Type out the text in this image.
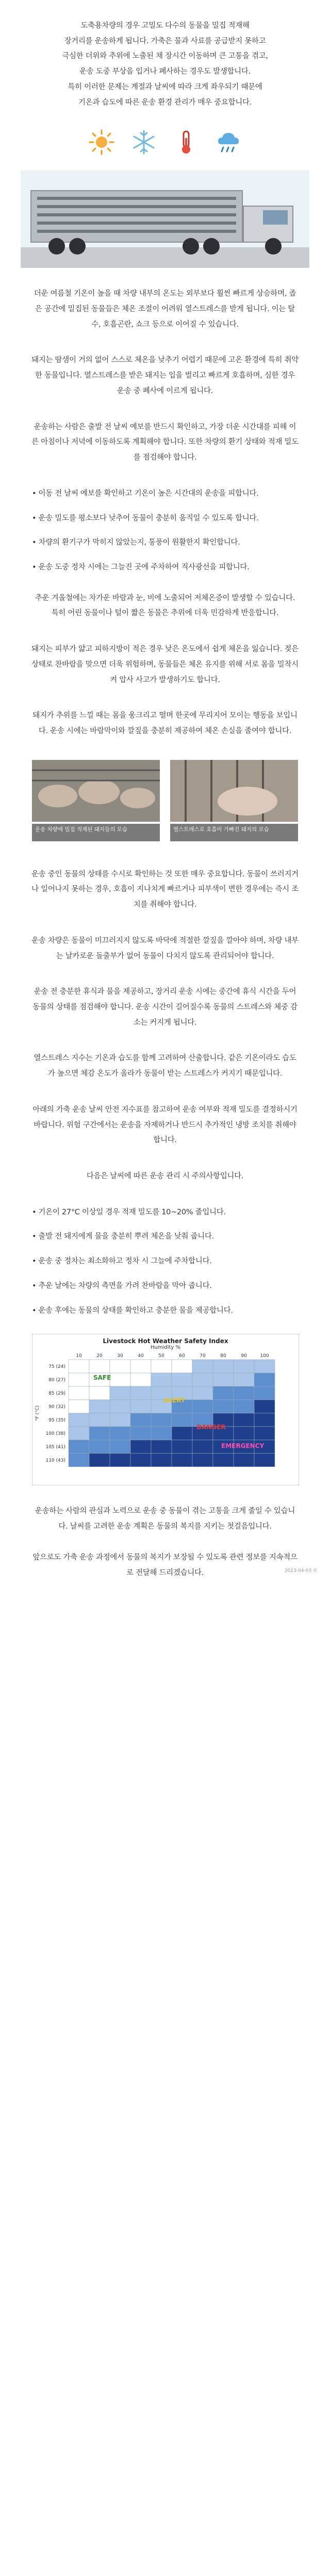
도축용차량의 경우 고밀도 다수의 동물을 밀집 적재해

장거리를 운송하게 됩니다. 가축은 물과 사료를 공급받지 못하고

극심한 더위와 추위에 노출된 채 장시간 이동하며 큰 고통을 겪고,

운송 도중 부상을 입거나 폐사하는 경우도 발생합니다.

특히 이러한 문제는 계절과 날씨에 따라 크게 좌우되기 때문에

기온과 습도에 따른 운송 환경 관리가 매우 중요합니다.

더운 여름철 기온이 높을 때 차량 내부의 온도는 외부보다 훨씬 빠르게 상승하며, 좁은 공간에 밀집된 동물들은 체온 조절이 어려워 열스트레스를 받게 됩니다. 이는 탈수, 호흡곤란, 쇼크 등으로 이어질 수 있습니다.

돼지는 땀샘이 거의 없어 스스로 체온을 낮추기 어렵기 때문에 고온 환경에 특히 취약한 동물입니다. 열스트레스를 받은 돼지는 입을 벌리고 빠르게 호흡하며, 심한 경우 운송 중 폐사에 이르게 됩니다.

운송하는 사람은 출발 전 날씨 예보를 반드시 확인하고, 가장 더운 시간대를 피해 이른 아침이나 저녁에 이동하도록 계획해야 합니다. 또한 차량의 환기 상태와 적재 밀도를 점검해야 합니다.

• 이동 전 날씨 예보를 확인하고 기온이 높은 시간대의 운송을 피합니다.

• 운송 밀도를 평소보다 낮추어 동물이 충분히 움직일 수 있도록 합니다.

• 차량의 환기구가 막히지 않았는지, 통풍이 원활한지 확인합니다.

• 운송 도중 정차 시에는 그늘진 곳에 주차하여 직사광선을 피합니다.

추운 겨울철에는 차가운 바람과 눈, 비에 노출되어 저체온증이 발생할 수 있습니다. 특히 어린 동물이나 털이 짧은 동물은 추위에 더욱 민감하게 반응합니다.

돼지는 피부가 얇고 피하지방이 적은 경우 낮은 온도에서 쉽게 체온을 잃습니다. 젖은 상태로 찬바람을 맞으면 더욱 위험하며, 동물들은 체온 유지를 위해 서로 몸을 밀착시켜 압사 사고가 발생하기도 합니다.

돼지가 추위를 느낄 때는 몸을 웅크리고 떨며 한곳에 무리지어 모이는 행동을 보입니다. 운송 시에는 바람막이와 깔짚을 충분히 제공하여 체온 손실을 줄여야 합니다.

운송 차량에 밀집 적재된 돼지들의 모습	열스트레스로 호흡이 가빠진 돼지의 모습

운송 중인 동물의 상태를 수시로 확인하는 것 또한 매우 중요합니다. 동물이 쓰러지거나 일어나지 못하는 경우, 호흡이 지나치게 빠르거나 피부색이 변한 경우에는 즉시 조치를 취해야 합니다.

운송 차량은 동물이 미끄러지지 않도록 바닥에 적절한 깔짚을 깔아야 하며, 차량 내부는 날카로운 돌출부가 없어 동물이 다치지 않도록 관리되어야 합니다.

운송 전 충분한 휴식과 물을 제공하고, 장거리 운송 시에는 중간에 휴식 시간을 두어 동물의 상태를 점검해야 합니다. 운송 시간이 길어질수록 동물의 스트레스와 체중 감소는 커지게 됩니다.

열스트레스 지수는 기온과 습도를 함께 고려하여 산출합니다. 같은 기온이라도 습도가 높으면 체감 온도가 올라가 동물이 받는 스트레스가 커지기 때문입니다.

아래의 가축 운송 날씨 안전 지수표를 참고하여 운송 여부와 적재 밀도를 결정하시기 바랍니다. 위험 구간에서는 운송을 자제하거나 반드시 추가적인 냉방 조치를 취해야 합니다.

다음은 날씨에 따른 운송 관리 시 주의사항입니다.

• 기온이 27°C 이상일 경우 적재 밀도를 10~20% 줄입니다.

• 출발 전 돼지에게 물을 충분히 뿌려 체온을 낮춰 줍니다.

• 운송 중 정차는 최소화하고 정차 시 그늘에 주차합니다.

• 추운 날에는 차량의 측면을 가려 찬바람을 막아 줍니다.

• 운송 후에는 동물의 상태를 확인하고 충분한 물을 제공합니다.

Livestock Hot Weather Safety Index
Humidity %
10	20	30	40	50	60	70	80	90	100
75 (24)
80 (27)
85 (29)
90 (32)
95 (35)
100 (38)
105 (41)
110 (43)
SAFE
ALERT
DANGER
EMERGENCY
°F (°C)

운송하는 사람의 관심과 노력으로 운송 중 동물이 겪는 고통을 크게 줄일 수 있습니다. 날씨를 고려한 운송 계획은 동물의 복지를 지키는 첫걸음입니다.

앞으로도 가축 운송 과정에서 동물의 복지가 보장될 수 있도록 관련 정보를 지속적으로 전달해 드리겠습니다.	2023-04-03 ©
